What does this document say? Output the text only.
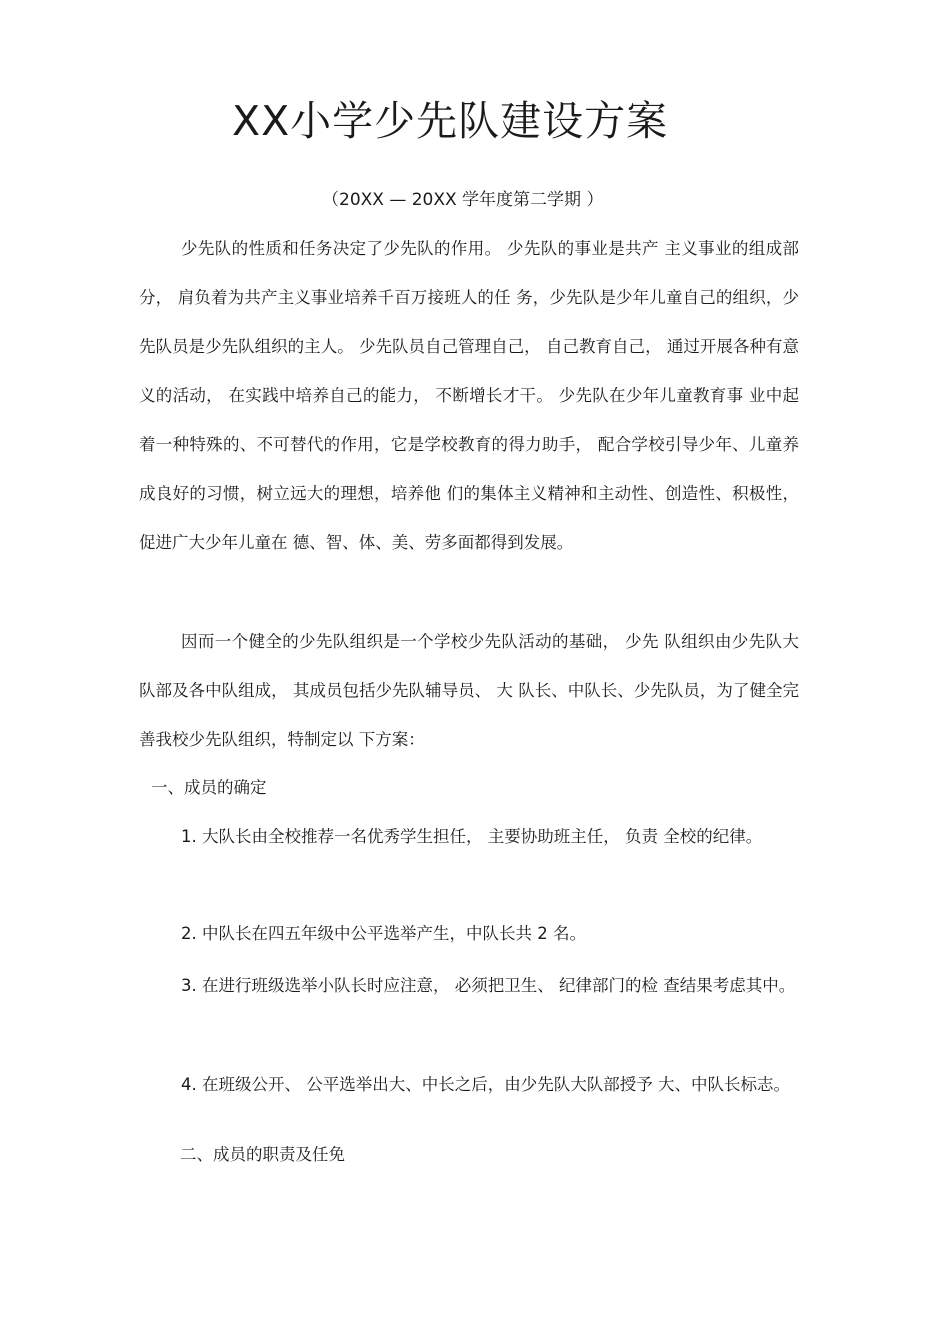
XX小学少先队建设方案
（20XX — 20XX 学年度第二学期 ）

少先队的性质和任务决定了少先队的作用。 少先队的事业是共产 主义事业的组成部分， 肩负着为共产主义事业培养千百万接班人的任 务，少先队是少年儿童自己的组织，少先队员是少先队组织的主人。 少先队员自己管理自己， 自己教育自己， 通过开展各种有意义的活动， 在实践中培养自己的能力， 不断增长才干。 少先队在少年儿童教育事 业中起着一种特殊的、不可替代的作用，它是学校教育的得力助手， 配合学校引导少年、儿童养成良好的习惯，树立远大的理想，培养他 们的集体主义精神和主动性、创造性、积极性，促进广大少年儿童在 德、智、体、美、劳多面都得到发展。

因而一个健全的少先队组织是一个学校少先队活动的基础， 少先 队组织由少先队大队部及各中队组成， 其成员包括少先队辅导员、 大 队长、中队长、少先队员，为了健全完善我校少先队组织，特制定以 下方案：

一、成员的确定

1. 大队长由全校推荐一名优秀学生担任， 主要协助班主任， 负责 全校的纪律。

2. 中队长在四五年级中公平选举产生，中队长共 2 名。

3. 在进行班级选举小队长时应注意， 必须把卫生、 纪律部门的检 查结果考虑其中。

4. 在班级公开、 公平选举出大、中长之后，由少先队大队部授予 大、中队长标志。

二、成员的职责及任免
